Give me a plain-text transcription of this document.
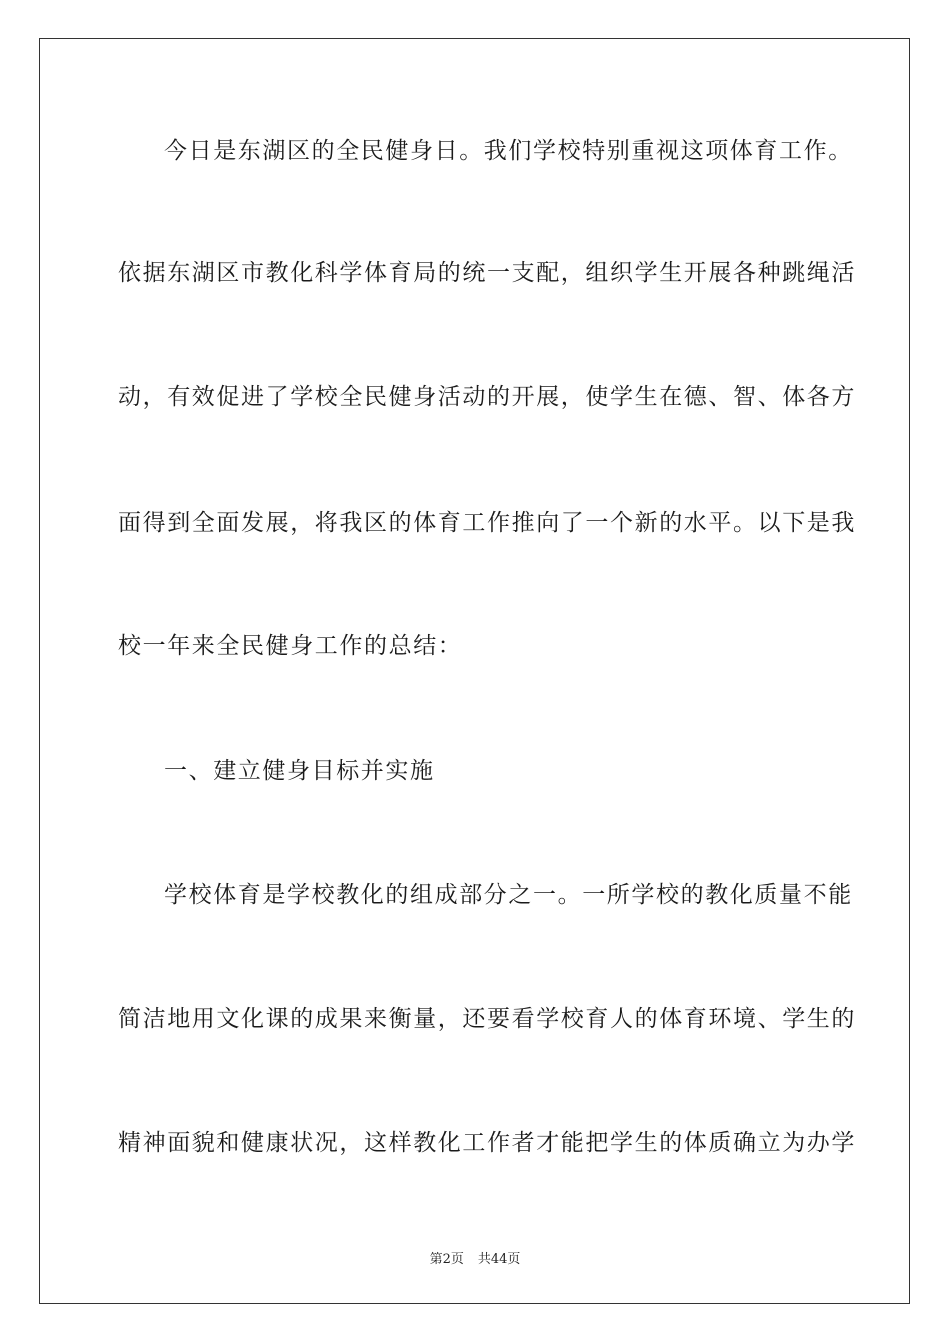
今日是东湖区的全民健身日。我们学校特别重视这项体育工作。
依据东湖区市教化科学体育局的统一支配，组织学生开展各种跳绳活
动，有效促进了学校全民健身活动的开展，使学生在德、智、体各方
面得到全面发展，将我区的体育工作推向了一个新的水平。以下是我
校一年来全民健身工作的总结：
一、建立健身目标并实施
学校体育是学校教化的组成部分之一。一所学校的教化质量不能
简洁地用文化课的成果来衡量，还要看学校育人的体育环境、学生的
精神面貌和健康状况，这样教化工作者才能把学生的体质确立为办学
第2页 共44页
